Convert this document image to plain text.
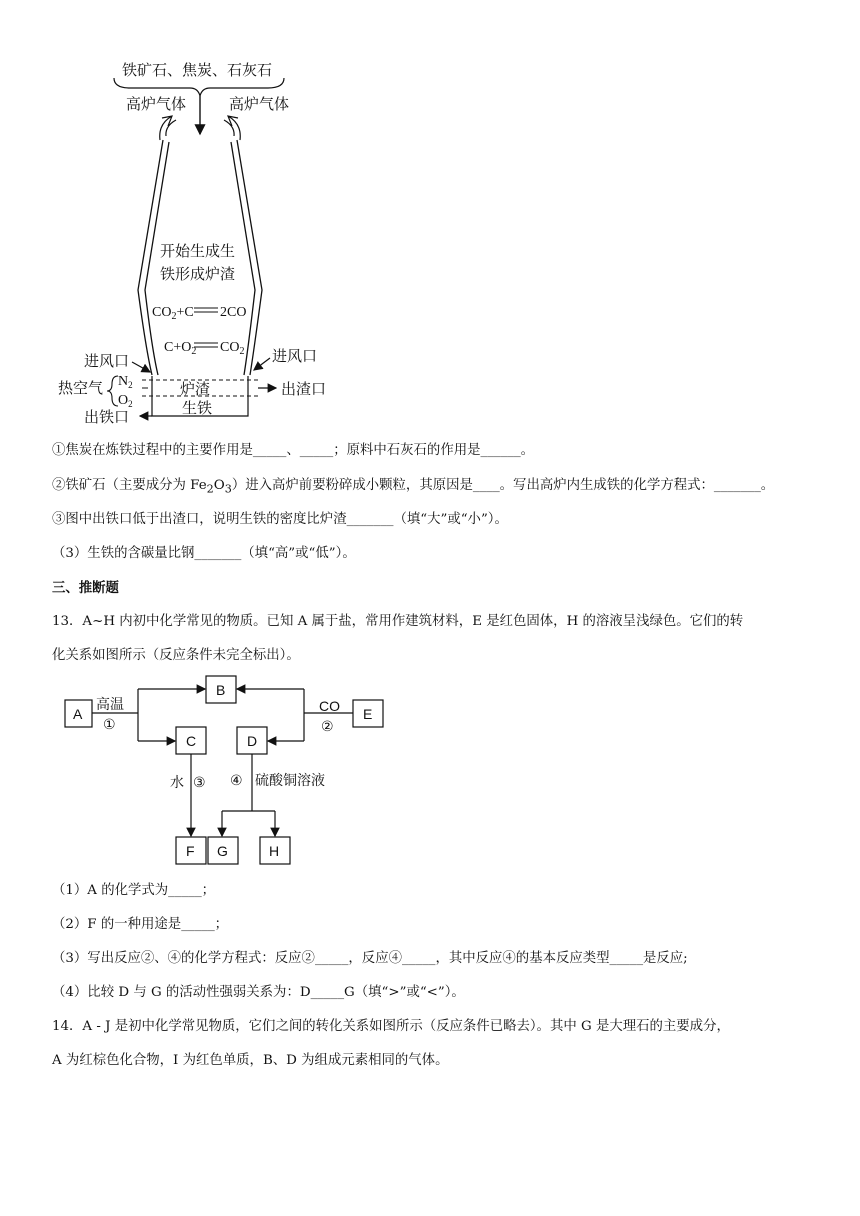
铁矿石、焦炭、石灰石
高炉气体	高炉气体
开始生成生
铁形成炉渣
$CO_2+C$ 2CO
$C+O_2$ $CO_2$
进风口	进风口
热空气 $N_2$
$O_2$
炉渣
生铁
出渣口
出铁口
①焦炭在炼铁过程中的主要作用是_____、_____；原料中石灰石的作用是______。
②铁矿石（主要成分为 $Fe_2O_3$）进入高炉前要粉碎成小颗粒，其原因是____。写出高炉内生成铁的化学方程式：_______。
③图中出铁口低于出渣口，说明生铁的密度比炉渣_______（填“大”或“小”）。
（3）生铁的含碳量比钢_______（填“高”或“低”）。
三、推断题
13．A~H 内初中化学常见的物质。已知 A 属于盐，常用作建筑材料，E 是红色固体，H 的溶液呈浅绿色。它们的转
化关系如图所示（反应条件未完全标出）。
A
B
C	D
E
F G	H
高温
①
CO
②
水 ③ ④ 硫酸铜溶液
（1）A 的化学式为_____；
（2）F 的一种用途是_____；
（3）写出反应②、④的化学方程式：反应②_____，反应④_____，其中反应④的基本反应类型_____是反应;
（4）比较 D 与 G 的活动性强弱关系为：D_____G（填“>”或“<”）。
14．A - J 是初中化学常见物质，它们之间的转化关系如图所示（反应条件已略去）。其中 G 是大理石的主要成分，
A 为红棕色化合物，I 为红色单质，B、D 为组成元素相同的气体。
